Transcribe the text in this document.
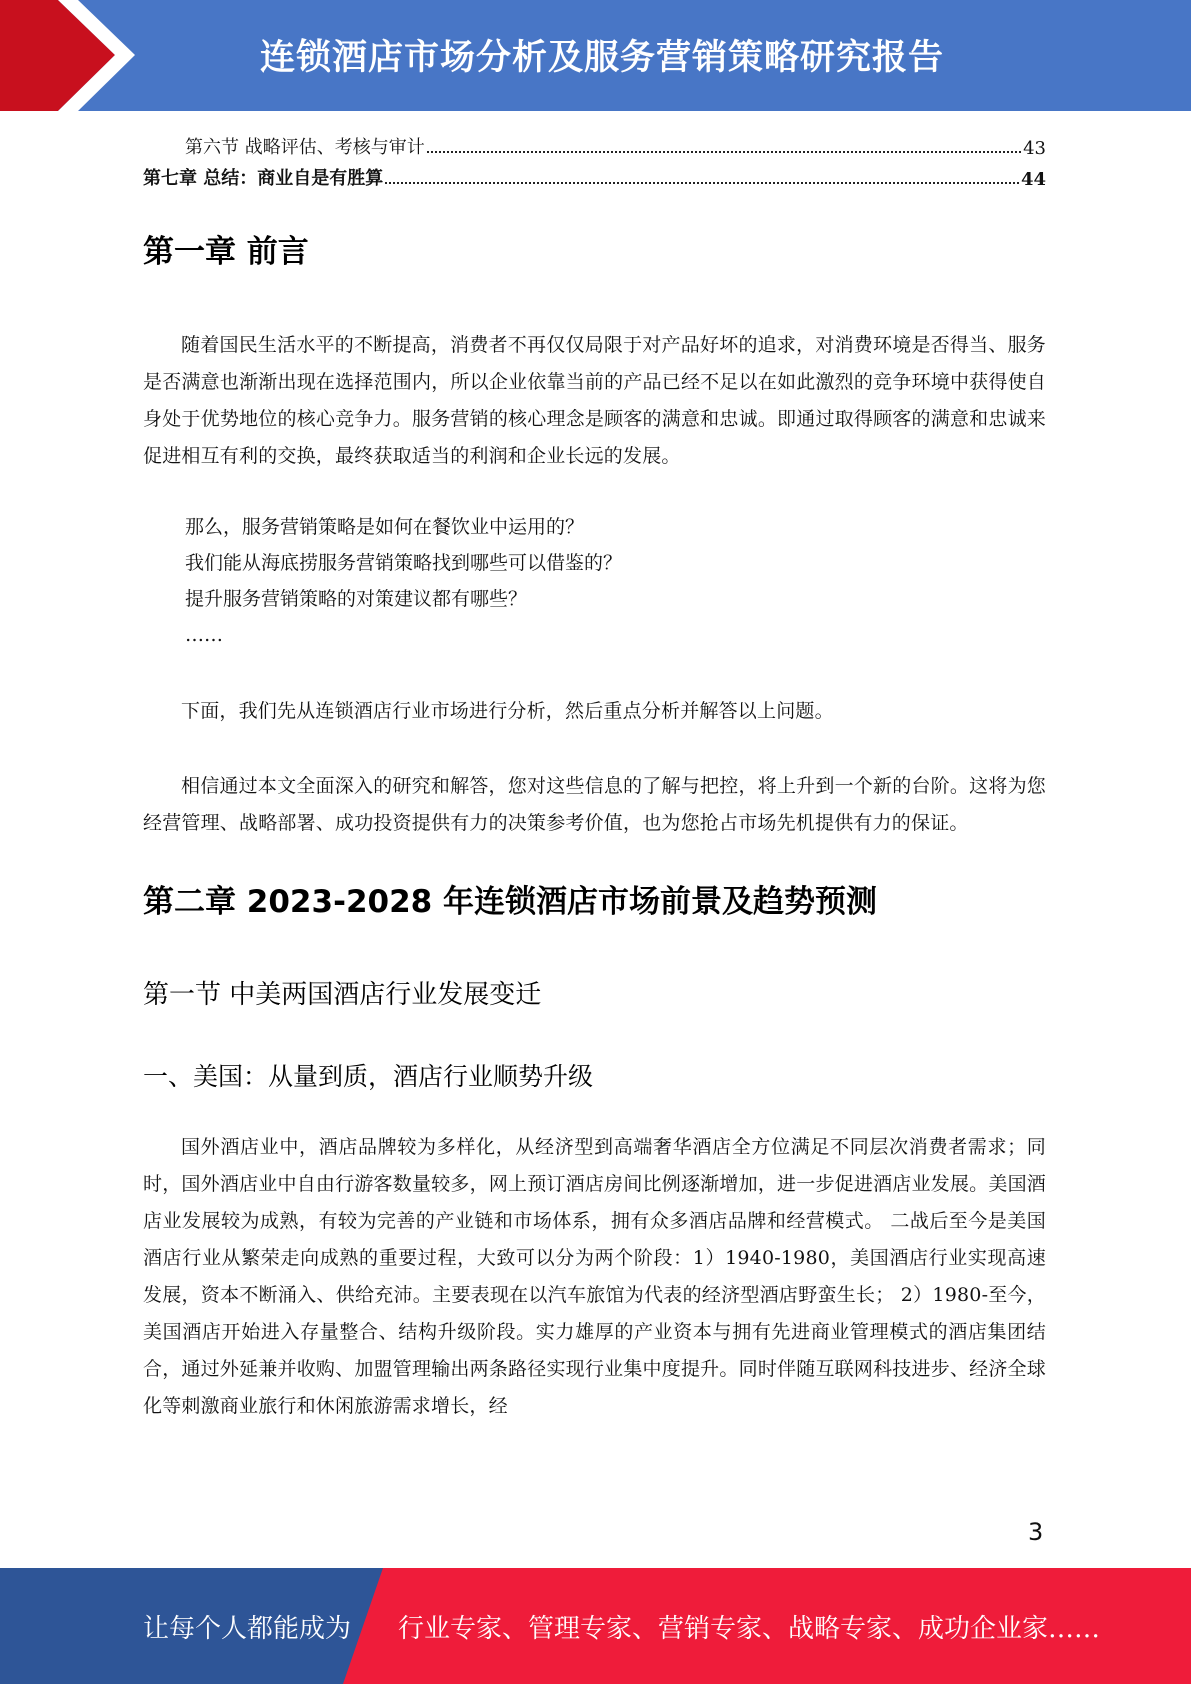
连锁酒店市场分析及服务营销策略研究报告
第六节 战略评估、考核与审计	43
第七章 总结：商业自是有胜算	44
第一章 前言

随着国民生活水平的不断提高，消费者不再仅仅局限于对产品好坏的追求，对消费环境是否得当、服务是否满意也渐渐出现在选择范围内，所以企业依靠当前的产品已经不足以在如此激烈的竞争环境中获得使自身处于优势地位的核心竞争力。服务营销的核心理念是顾客的满意和忠诚。即通过取得顾客的满意和忠诚来促进相互有利的交换，最终获取适当的利润和企业长远的发展。

那么，服务营销策略是如何在餐饮业中运用的？

我们能从海底捞服务营销策略找到哪些可以借鉴的？

提升服务营销策略的对策建议都有哪些？

……

下面，我们先从连锁酒店行业市场进行分析，然后重点分析并解答以上问题。

相信通过本文全面深入的研究和解答，您对这些信息的了解与把控，将上升到一个新的台阶。这将为您经营管理、战略部署、成功投资提供有力的决策参考价值，也为您抢占市场先机提供有力的保证。

第二章 2023-2028 年连锁酒店市场前景及趋势预测
第一节 中美两国酒店行业发展变迁
一、美国：从量到质，酒店行业顺势升级

国外酒店业中，酒店品牌较为多样化，从经济型到高端奢华酒店全方位满足不同层次消费者需求；同时，国外酒店业中自由行游客数量较多，网上预订酒店房间比例逐渐增加，进一步促进酒店业发展。美国酒店业发展较为成熟，有较为完善的产业链和市场体系，拥有众多酒店品牌和经营模式。 二战后至今是美国酒店行业从繁荣走向成熟的重要过程，大致可以分为两个阶段：1）1940-1980，美国酒店行业实现高速发展，资本不断涌入、供给充沛。主要表现在以汽车旅馆为代表的经济型酒店野蛮生长； 2）1980-至今，美国酒店开始进入存量整合、结构升级阶段。实力雄厚的产业资本与拥有先进商业管理模式的酒店集团结合，通过外延兼并收购、加盟管理输出两条路径实现行业集中度提升。同时伴随互联网科技进步、经济全球化等刺激商业旅行和休闲旅游需求增长，经

3
让每个人都能成为 行业专家、管理专家、营销专家、战略专家、成功企业家……
